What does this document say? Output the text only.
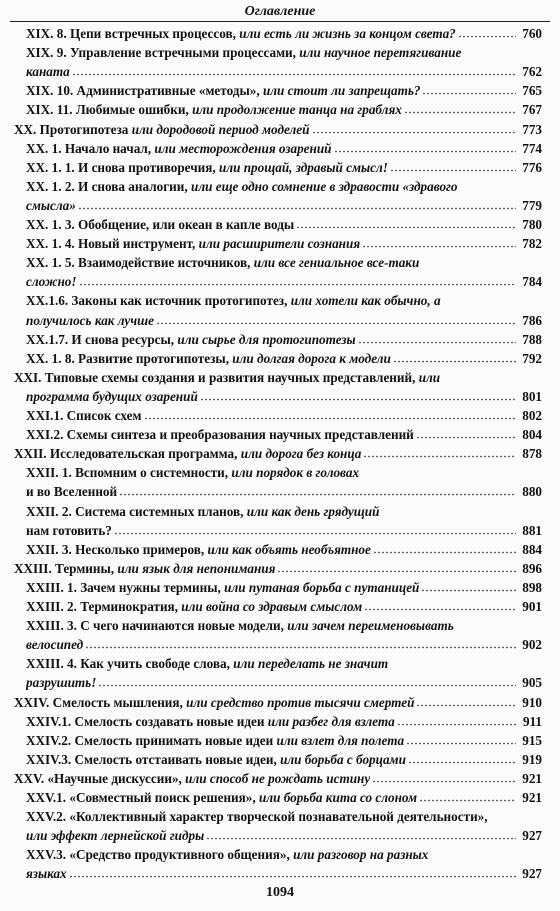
Оглавление
XIX. 8. Цепи встречных процессов, или есть ли жизнь за концом света?	760
XIX. 9. Управление встречными процессами, или научное перетягивание
каната	762
XIX. 10. Административные «методы», или стоит ли запрещать?	765
XIX. 11. Любимые ошибки, или продолжение танца на граблях	767
XX. Протогипотеза или дородовой период моделей	773
XX. 1. Начало начал, или месторождения озарений	774
XX. 1. 1. И снова противоречия, или прощай, здравый смысл!	776
XX. 1. 2. И снова аналогии, или еще одно сомнение в здравости «здравого
смысла»	779
XX. 1. 3. Обобщение, или океан в капле воды	780
XX. 1. 4. Новый инструмент, или расширители сознания	782
XX. 1. 5. Взаимодействие источников, или все гениальное все-таки
сложно!	784
XX.1.6. Законы как источник протогипотез, или хотели как обычно, а
получилось как лучше	786
XX.1.7. И снова ресурсы, или сырье для протогипотезы	788
XX. 1. 8. Развитие протогипотезы, или долгая дорога к модели	792
XXI. Типовые схемы создания и развития научных представлений, или
программа будущих озарений	801
XXI.1. Список схем	802
XXI.2. Схемы синтеза и преобразования научных представлений	804
XXII. Исследовательская программа, или дорога без конца	878
XXII. 1. Вспомним о системности, или порядок в головах
и во Вселенной	880
XXII. 2. Система системных планов, или как день грядущий
нам готовить?	881
XXII. 3. Несколько примеров, или как объять необъятное	884
XXIII. Термины, или язык для непонимания	896
XXIII. 1. Зачем нужны термины, или путаная борьба с путаницей	898
XXIII. 2. Терминократия, или война со здравым смыслом	901
XXIII. 3. С чего начинаются новые модели, или зачем переименовывать
велосипед	902
XXIII. 4. Как учить свободе слова, или переделать не значит
разрушить!	905
XXIV. Смелость мышления, или средство против тысячи смертей	910
XXIV.1. Смелость создавать новые идеи или разбег для взлета	911
XXIV.2. Смелость принимать новые идеи или взлет для полета	915
XXIV.3. Смелость отстаивать новые идеи, или борьба с борцами	919
XXV. «Научные дискуссии», или способ не рождать истину	921
XXV.1. «Совместный поиск решения», или борьба кита со слоном	921
XXV.2. «Коллективный характер творческой познавательной деятельности»,
или эффект лернейской гидры	927
XXV.3. «Средство продуктивного общения», или разговор на разных
языках	927
1094
